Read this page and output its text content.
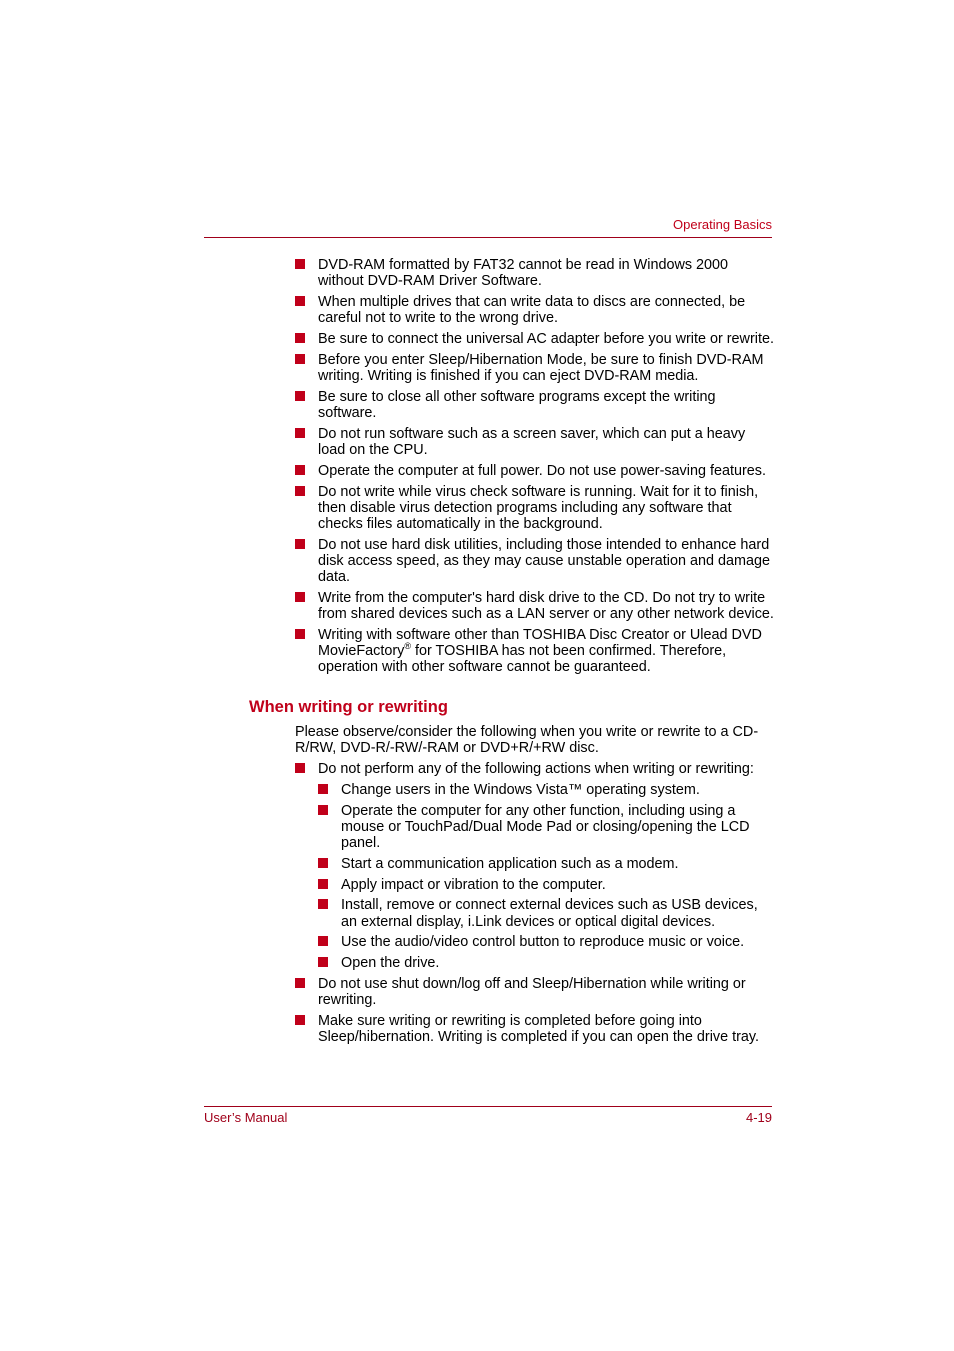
Operating Basics
DVD-RAM formatted by FAT32 cannot be read in Windows 2000 without DVD-RAM Driver Software.
When multiple drives that can write data to discs are connected, be careful not to write to the wrong drive.
Be sure to connect the universal AC adapter before you write or rewrite.
Before you enter Sleep/Hibernation Mode, be sure to finish DVD-RAM writing. Writing is finished if you can eject DVD-RAM media.
Be sure to close all other software programs except the writing software.
Do not run software such as a screen saver, which can put a heavy load on the CPU.
Operate the computer at full power. Do not use power-saving features.
Do not write while virus check software is running. Wait for it to finish, then disable virus detection programs including any software that checks files automatically in the background.
Do not use hard disk utilities, including those intended to enhance hard disk access speed, as they may cause unstable operation and damage data.
Write from the computer's hard disk drive to the CD. Do not try to write from shared devices such as a LAN server or any other network device.
Writing with software other than TOSHIBA Disc Creator or Ulead DVD MovieFactory® for TOSHIBA has not been confirmed. Therefore, operation with other software cannot be guaranteed.
When writing or rewriting
Please observe/consider the following when you write or rewrite to a CD-R/RW, DVD-R/-RW/-RAM or DVD+R/+RW disc.
Do not perform any of the following actions when writing or rewriting:
Change users in the Windows Vista™ operating system.
Operate the computer for any other function, including using a mouse or TouchPad/Dual Mode Pad or closing/opening the LCD panel.
Start a communication application such as a modem.
Apply impact or vibration to the computer.
Install, remove or connect external devices such as USB devices, an external display, i.Link devices or optical digital devices.
Use the audio/video control button to reproduce music or voice.
Open the drive.
Do not use shut down/log off and Sleep/Hibernation while writing or rewriting.
Make sure writing or rewriting is completed before going into Sleep/hibernation. Writing is completed if you can open the drive tray.
User’s Manual	4-19
